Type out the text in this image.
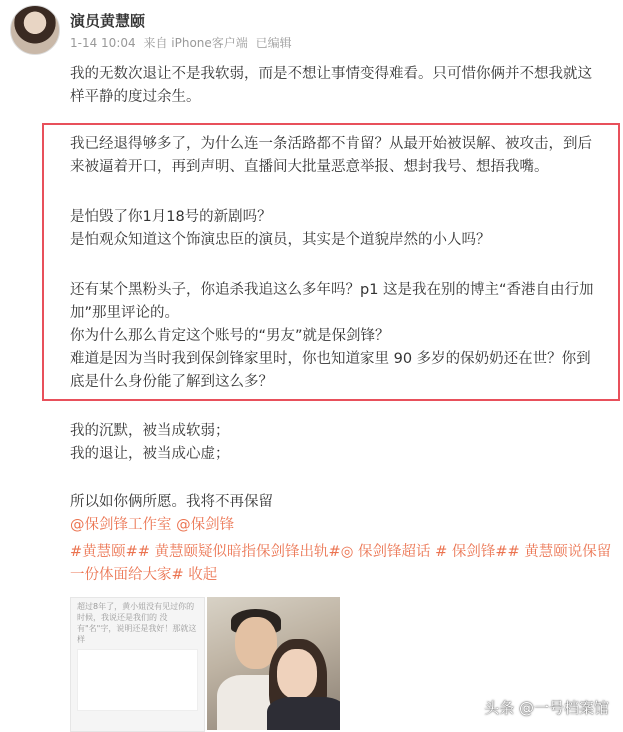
演员黄慧颐
1-14 10:04 来自 iPhone客户端 已编辑
我的无数次退让不是我软弱，而是不想让事情变得难看。只可惜你俩并不想我就这
样平静的度过余生。
我已经退得够多了，为什么连一条活路都不肯留？从最开始被误解、被攻击，到后
来被逼着开口，再到声明、直播间大批量恶意举报、想封我号、想捂我嘴。
是怕毁了你1月18号的新剧吗？
是怕观众知道这个饰演忠臣的演员，其实是个道貌岸然的小人吗？
还有某个黑粉头子，你追杀我追这么多年吗？p1 这是我在别的博主“香港自由行加
加”那里评论的。
你为什么那么肯定这个账号的“男友”就是保剑锋？
难道是因为当时我到保剑锋家里时，你也知道家里 90 多岁的保奶奶还在世？你到
底是什么身份能了解到这么多？
我的沉默，被当成软弱；
我的退让，被当成心虚；
所以如你俩所愿。我将不再保留
@保剑锋工作室 @保剑锋
#黄慧颐## 黄慧颐疑似暗指保剑锋出轨#◎ 保剑锋超话 # 保剑锋## 黄慧颐说保留
一份体面给大家# 收起
超过8年了，黄小姐没有见过你的时候，我说还是我们的 没有"名"字，说明还是我好！那就这样
头条 @一号档案馆
